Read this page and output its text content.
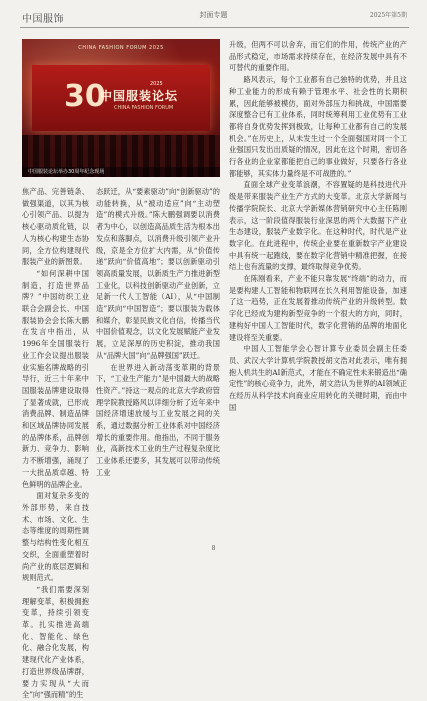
中国服饰	封面专题	2025年第5期
CHINA FASHION FORUM 2025
30	2025
中国服装论坛
CHINA FASHION FORUM
中国服装论坛举办30周年纪念现场

焦产品、完善链条、做强渠道，以其为核心引领产品、以提为核心驱动质化链，以人为核心构建生态协同，全方位构建现代服装产业的新图景。

“如何深耕中国制造，打造世界品牌？”中国纺织工业联合会副会长、中国服装协会会长陈大鹏在发言中指出，从1996年全国服装行业工作会议提出服装业实施名牌战略的引导行，近三十年来中国服装品牌建设取得了显著成就，已形成消费品牌、制造品牌和区域品牌协同发展的品牌体系，品牌创新力、竞争力、影响力不断增强，涌现了一大批品质卓越、特色鲜明的品牌企业。

面对复杂多变的外部形势，来自技术、市场、文化、生态等维度的周期性调整与结构性变化相互交织，全面重塑着时尚产业的底层逻辑和规则范式。

“我们需要深刻理解变革，积极拥抱变革，持续引领变革。扎实推进高端化、智能化、绿色化、融合化发展，构建现代化产业体系，打造世界级品牌群，要力实现从“大而全”向“强而精”的生

态跃迁，从“要素驱动”向“创新驱动”的动能转换，从“被动适应”向“主动塑造”的模式升级。”陈大鹏强调要以消费者为中心，以创造高品质生活为根本出发点和落脚点，以消费升级引领产业升级，京是全方位扩大内需，从“价值传递”跃向“价值高地”；要以创新驱动引领高质量发展，以新质生产力推进新型工业化，以科技创新驱动产业创新，立足新一代人工智能（AI），从“中国制造”跃向“中国智造”；要以服装为载体和媒介，彰显民族文化自信，传播当代中国价值观念，以文化发展赋能产业发展，立足深厚的历史积淀，推动我国从“品牌大国”向“品牌强国”跃迁。

在世界进入新动荡变革期的背景下，“工业生产能力”是中国最大的战略性资产。”持这一观点的北京大学政府管理学院教授路风以详细分析了近年来中国经济增速放缓与工业发展之间的关系，通过数据分析工业体系对中国经济增长的重要作用。他指出，不同于服务业，高新技术工业的生产过程复杂度比工业体系还要多，其发展可以带动传统工业

升级，但两不可以舍弃，而它们的作用，传统产业的产品形式稳定，市场需求持续存在，在经济发展中具有不可替代的重要作用。

路风表示，每个工业都有自己独特的优势，并且这种工业能力的形成有赖于管理水平、社会性的长期积累，因此能够被模仿，面对外部压力和挑战，中国需要深度整合已有工业体系，同时统筹利用工业优势有工业都将自身优势发挥到极致，让每种工业都有自己的发展机会。”在历史上，从未发生过一个全面强国对同一个工业强国只发出出质疑的情况，因此在这个时期，密切各行各业的企业家都能把自己的事业做好，只要各行各业都能够，其实体力量终是不可战胜的。”

直面全球产业变革浪潮，不容置疑的是科技进代升级是带来服装产业生产方式的大变革。北京大学新闻与传播学院院长、北京大学新媒体营销研究中心主任陈刚表示，这一阶段值得服装行业深思的两个大数据下产业生态建设，服装产业数字化。在这种时代，时代是产业数字化。在此进程中，传统企业要在重新数字产业建设中具有统一起跑线，要在数字化营销中精准把握，在接结上也有流量的支撑，最终取得竞争优势。

在陈刚看来，产业不能只靠发展“终端”的动力，而是要构建人工智能和物联网在长久利用智能设备，加速了这一趋势，正在发展着推动传统产业的升级转型。数字化已经成为建构新型竞争的一个很大的方向，同时，建构好中国人工智能时代，数字化营销的品牌的地面化建设将至关重要。

中国人工智能学会心智计算专业委员会副主任委员、武汉大学计算机学院教授胡文浩对此表示，唯有拥抱人机共生的AI新范式，才能在不确定性未来锻造出“确定性”的核心竞争力，此外，胡文浩认为世界的AI领域正在经历从科学技术向商业应用转化的关键时期，而由中国

8
